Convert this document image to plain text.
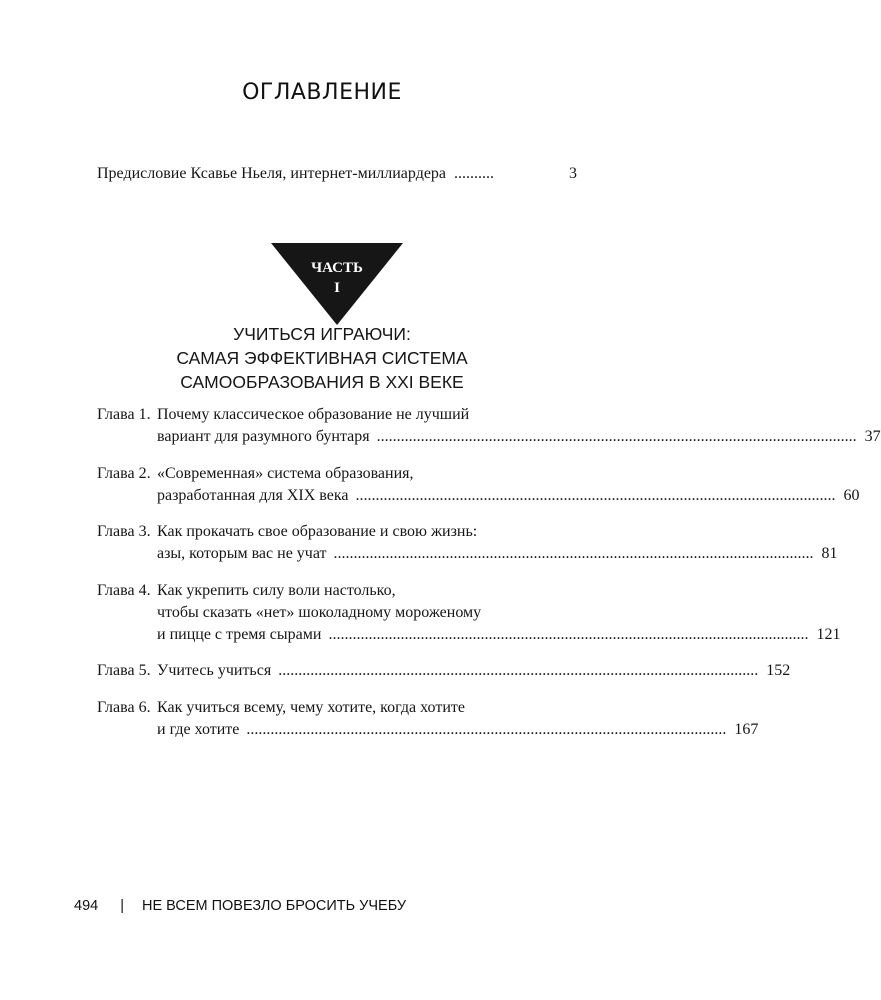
ОГЛАВЛЕНИЕ
Предисловие Ксавье Ньеля, интернет-миллиардера ..........	3
ЧАСТЬ
I
УЧИТЬСЯ ИГРАЮЧИ:
САМАЯ ЭФФЕКТИВНАЯ СИСТЕМА
САМООБРАЗОВАНИЯ В XXI ВЕКЕ
Глава 1. Почему классическое образование не лучший
вариант для разумного бунтаря ........................................................................................................................ 37
Глава 2. «Современная» система образования,
разработанная для XIX века ........................................................................................................................ 60
Глава 3. Как прокачать свое образование и свою жизнь:
азы, которым вас не учат ........................................................................................................................ 81
Глава 4. Как укрепить силу воли настолько,
чтобы сказать «нет» шоколадному мороженому
и пицце с тремя сырами ........................................................................................................................ 121
Глава 5. Учитесь учиться ........................................................................................................................ 152
Глава 6. Как учиться всему, чему хотите, когда хотите
и где хотите ........................................................................................................................ 167
494 | НЕ ВСЕМ ПОВЕЗЛО БРОСИТЬ УЧЕБУ
